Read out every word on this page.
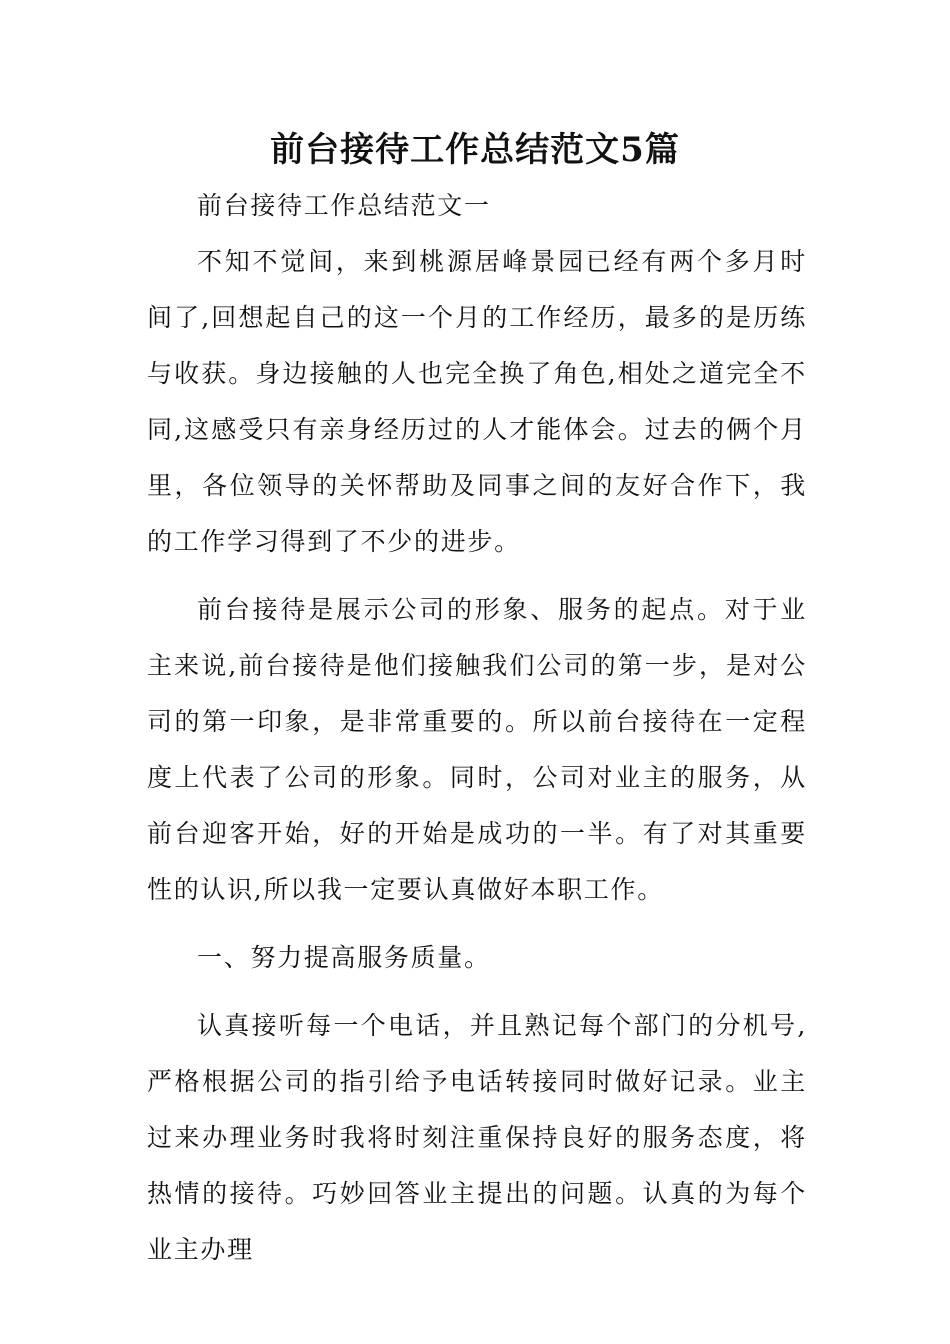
前台接待工作总结范文5篇

前台接待工作总结范文一

不知不觉间，来到桃源居峰景园已经有两个多月时间了,回想起自己的这一个月的工作经历，最多的是历练与收获。身边接触的人也完全换了角色,相处之道完全不同,这感受只有亲身经历过的人才能体会。过去的俩个月里，各位领导的关怀帮助及同事之间的友好合作下，我的工作学习得到了不少的进步。

前台接待是展示公司的形象、服务的起点。对于业主来说,前台接待是他们接触我们公司的第一步，是对公司的第一印象，是非常重要的。所以前台接待在一定程度上代表了公司的形象。同时，公司对业主的服务，从前台迎客开始，好的开始是成功的一半。有了对其重要性的认识,所以我一定要认真做好本职工作。

一、努力提高服务质量。

认真接听每一个电话，并且熟记每个部门的分机号,严格根据公司的指引给予电话转接同时做好记录。业主过来办理业务时我将时刻注重保持良好的服务态度，将热情的接待。巧妙回答业主提出的问题。认真的为每个业主办理
